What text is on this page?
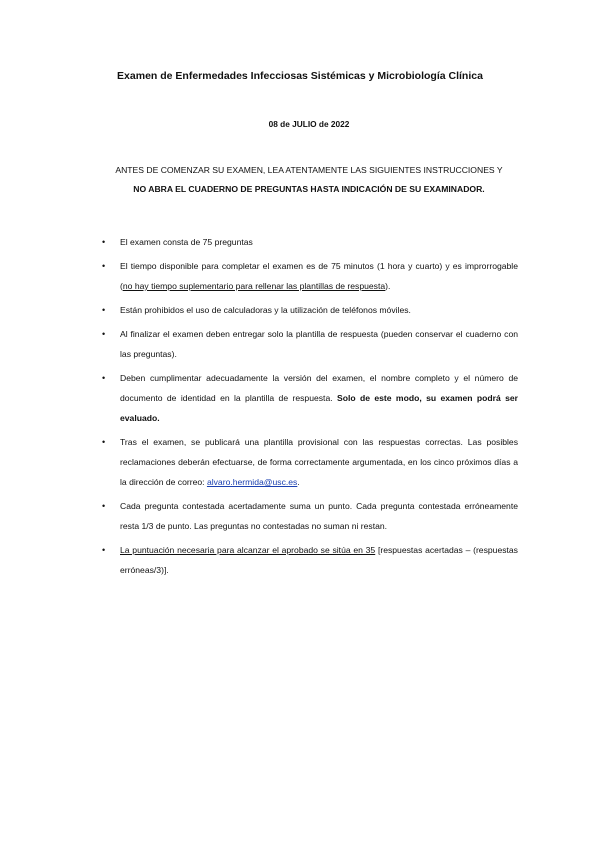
Examen de Enfermedades Infecciosas Sistémicas y Microbiología Clínica
08 de JULIO de 2022
ANTES DE COMENZAR SU EXAMEN, LEA ATENTAMENTE LAS SIGUIENTES INSTRUCCIONES Y
NO ABRA EL CUADERNO DE PREGUNTAS HASTA INDICACIÓN DE SU EXAMINADOR.
• El examen consta de 75 preguntas
• El tiempo disponible para completar el examen es de 75 minutos (1 hora y cuarto) y es improrrogable (no hay tiempo suplementario para rellenar las plantillas de respuesta).
• Están prohibidos el uso de calculadoras y la utilización de teléfonos móviles.
• Al finalizar el examen deben entregar solo la plantilla de respuesta (pueden conservar el cuaderno con las preguntas).
• Deben cumplimentar adecuadamente la versión del examen, el nombre completo y el número de documento de identidad en la plantilla de respuesta. Solo de este modo, su examen podrá ser evaluado.
• Tras el examen, se publicará una plantilla provisional con las respuestas correctas. Las posibles reclamaciones deberán efectuarse, de forma correctamente argumentada, en los cinco próximos días a la dirección de correo: alvaro.hermida@usc.es.
• Cada pregunta contestada acertadamente suma un punto. Cada pregunta contestada erróneamente resta 1/3 de punto. Las preguntas no contestadas no suman ni restan.
• La puntuación necesaria para alcanzar el aprobado se sitúa en 35 [respuestas acertadas – (respuestas erróneas/3)].
